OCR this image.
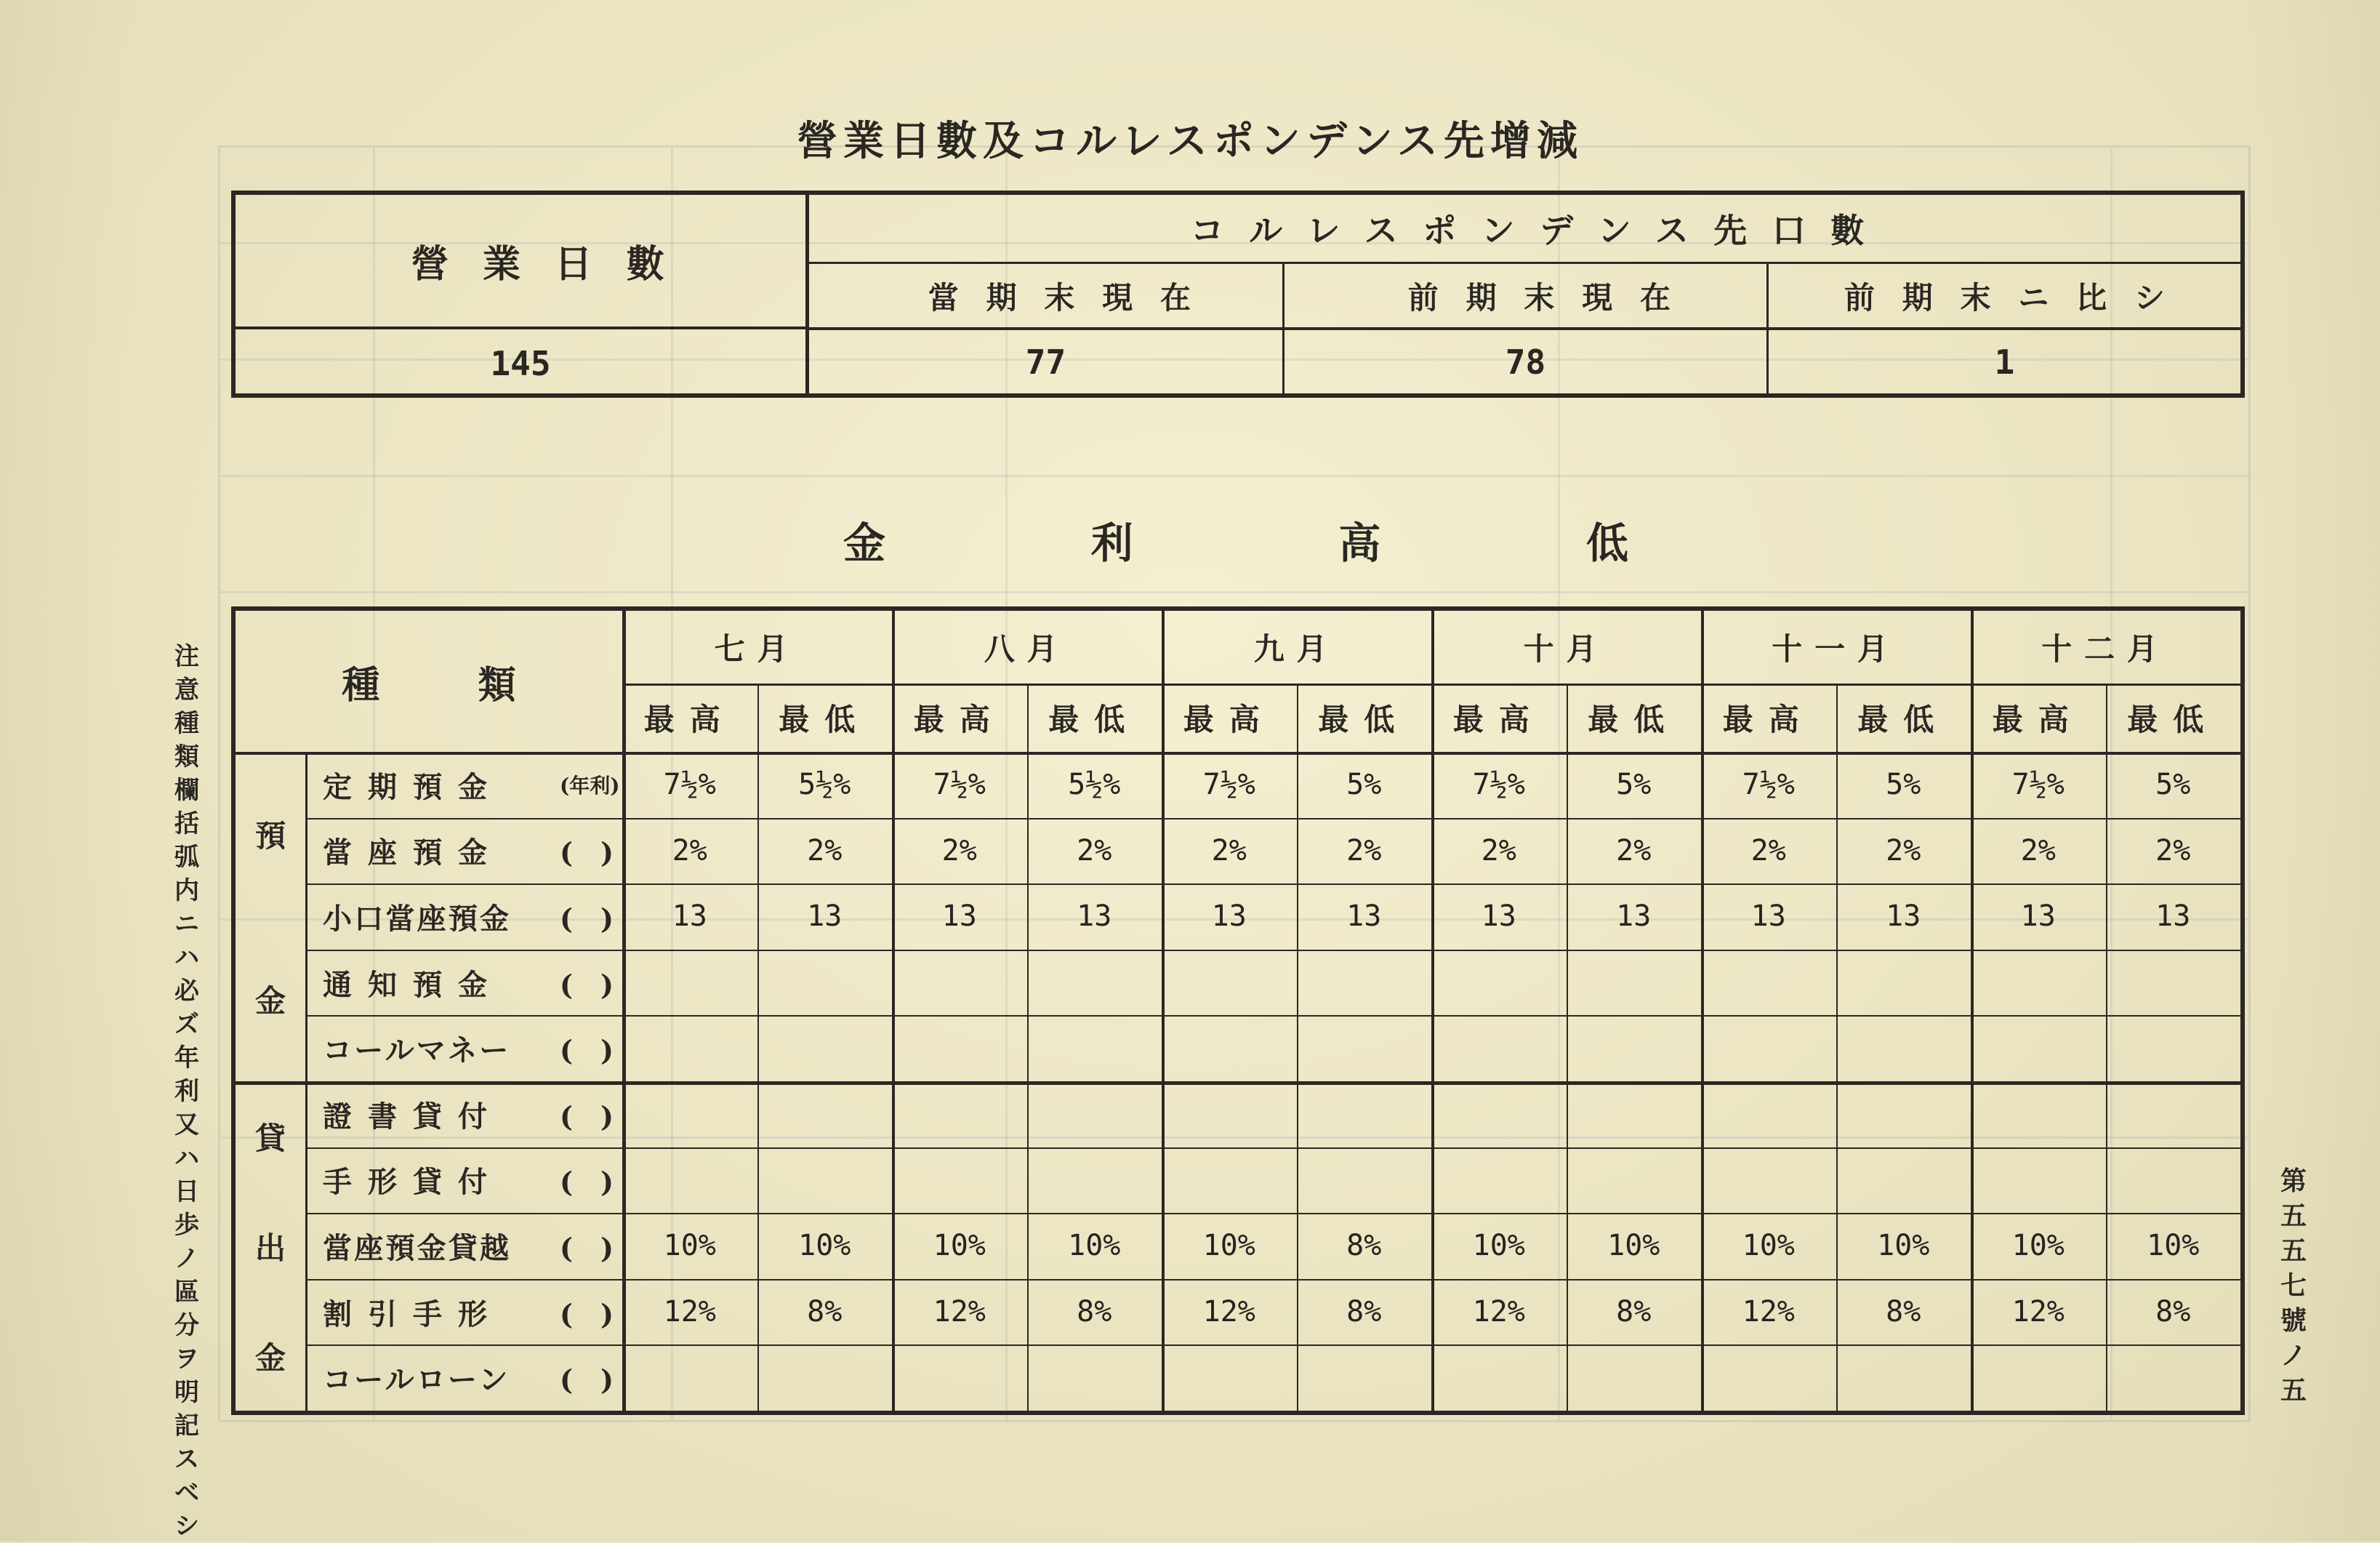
營業日數及コルレスポンデンス先增減
營業日數
145
コルレスポンデンス先口數
當期末現在	前期末現在	前期末ニ比シ
77	78	1
金	利	高	低
種類
七月
最高	最低
八月
最高	最低
九月
最高	最低
十月
最高	最低
十一月
最高	最低
十二月
最高	最低
預
金
定期預金	(年利)	7½%	5½%	7½%	5½%	7½%	5%	7½%	5%	7½%	5%	7½%	5%
當座預金	(　)	2%	2%	2%	2%	2%	2%	2%	2%	2%	2%	2%	2%
小口當座預金	(　)	13	13	13	13	13	13	13	13	13	13	13	13
通知預金	(　)
コールマネー	(　)
貸
出
金
證書貸付	(　)
手形貸付	(　)
當座預金貸越	(　)	10%	10%	10%	10%	10%	8%	10%	10%	10%	10%	10%	10%
割引手形	(　)	12%	8%	12%	8%	12%	8%	12%	8%	12%	8%	12%	8%
コールローン	(　)
注意　種類欄括弧内ニハ必ズ年利又ハ日歩ノ區分ヲ明記スベシ
第五五七號ノ五
